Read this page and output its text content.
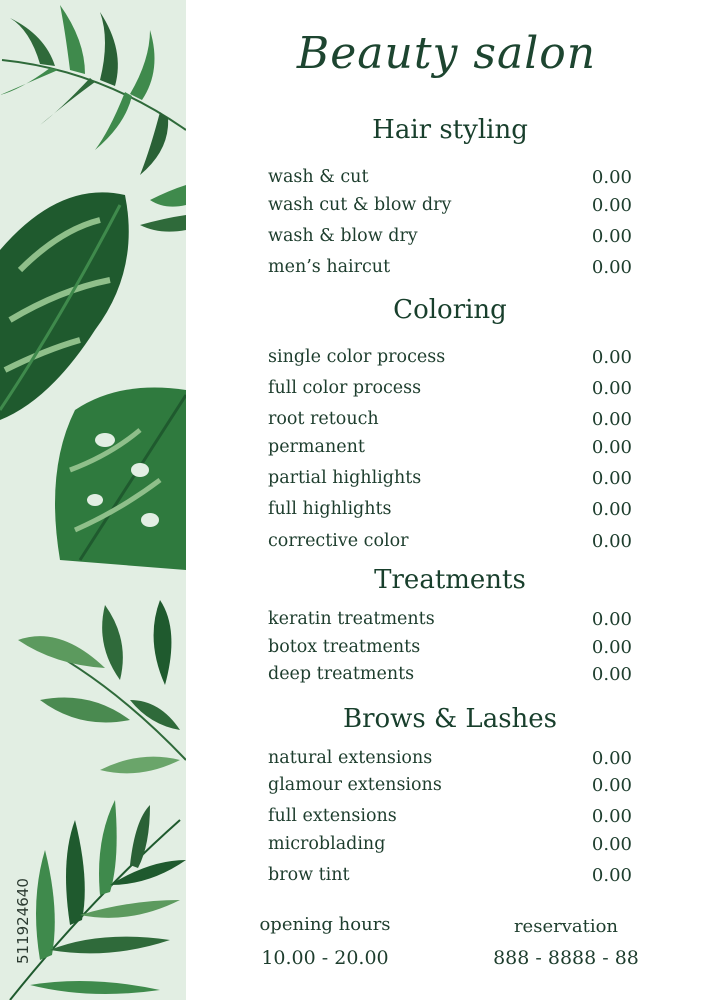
511924640
Beauty salon
Hair styling
wash & cut	0.00
wash cut & blow dry	0.00
wash & blow dry	0.00
men’s haircut	0.00
Coloring
single color process	0.00
full color process	0.00
root retouch	0.00
permanent	0.00
partial highlights	0.00
full highlights	0.00
corrective color	0.00
Treatments
keratin treatments	0.00
botox treatments	0.00
deep treatments	0.00
Brows & Lashes
natural extensions	0.00
glamour extensions	0.00
full extensions	0.00
microblading	0.00
brow tint	0.00
opening hours
10.00 - 20.00
reservation
888 - 8888 - 88
